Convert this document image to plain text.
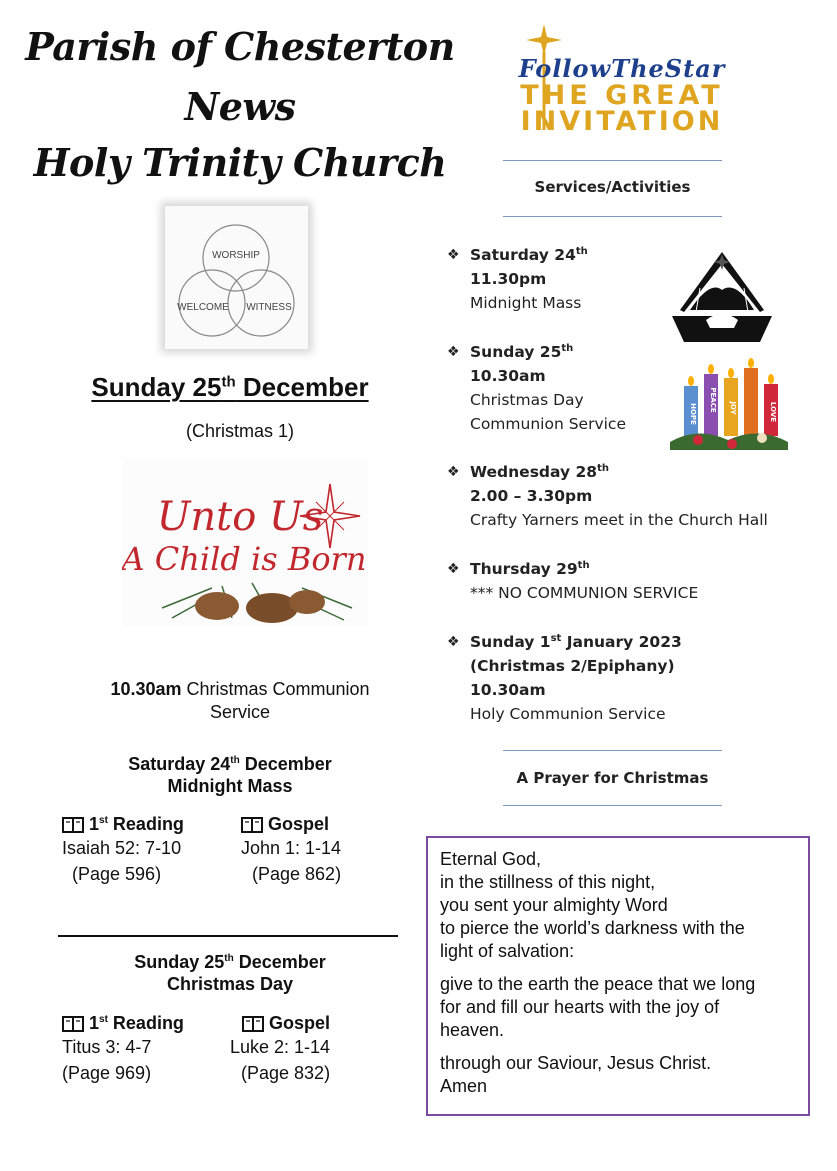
Parish of Chesterton
News
Holy Trinity Church
WORSHIP
WELCOME WITNESS
Sunday 25th December
(Christmas 1)
Unto Us
A Child is Born
10.30am Christmas Communion
Service
Saturday 24th December
Midnight Mass
1st Reading
Isaiah 52: 7-10
(Page 596)
Gospel
John 1: 1-14
(Page 862)
Sunday 25th December
Christmas Day
1st Reading
Titus 3: 4-7
(Page 969)
Gospel
Luke 2: 1-14
(Page 832)
FollowTheStar
THE GREAT
INVITATION
Services/Activities
❖ Saturday 24th
11.30pm
Midnight Mass
❖ Sunday 25th
10.30am
Christmas Day
Communion Service
❖ Wednesday 28th
2.00 – 3.30pm
Crafty Yarners meet in the Church Hall
❖ Thursday 29th
*** NO COMMUNION SERVICE
❖ Sunday 1st January 2023
(Christmas 2/Epiphany)
10.30am
Holy Communion Service
HOPE
PEACE JOY	LOVE
A Prayer for Christmas

Eternal God,
in the stillness of this night,
you sent your almighty Word
to pierce the world’s darkness with the
light of salvation:

give to the earth the peace that we long
for and fill our hearts with the joy of
heaven.

through our Saviour, Jesus Christ.
Amen
